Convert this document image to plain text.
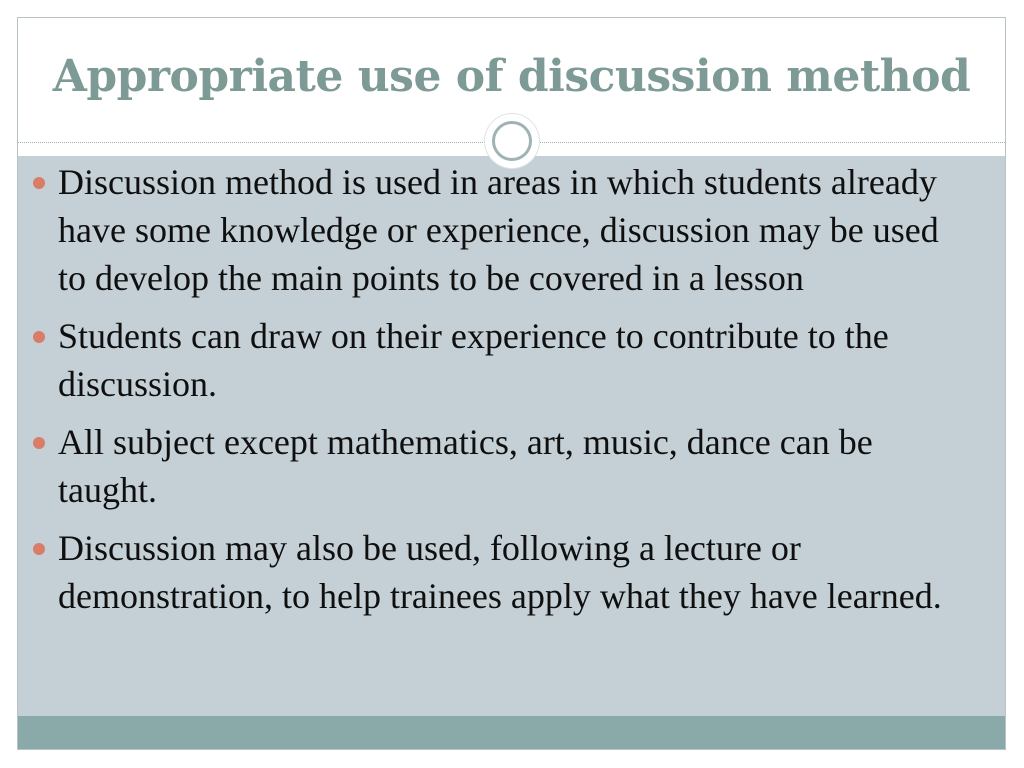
Appropriate use of discussion method
Discussion method is used in areas in which students already have some knowledge or experience, discussion may be used to develop the main points to be covered in a lesson
Students can draw on their experience to contribute to the discussion.
All subject except mathematics, art, music, dance can be taught.
Discussion may also be used, following a lecture or demonstration, to help trainees apply what they have learned.
